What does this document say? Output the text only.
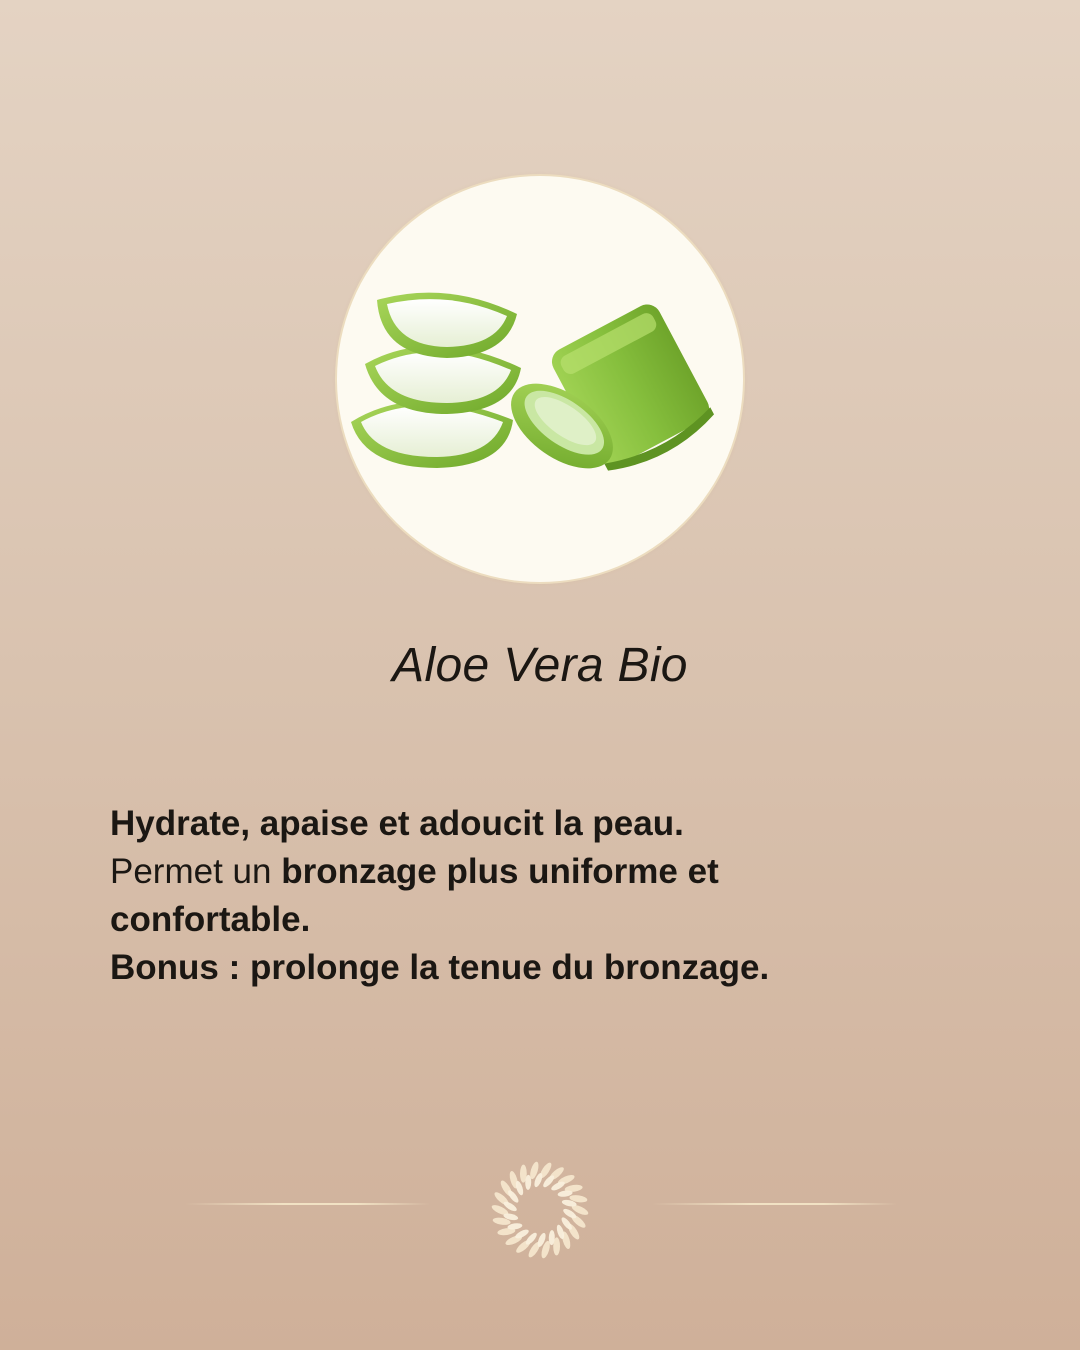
Aloe Vera Bio
Hydrate, apaise et adoucit la peau.
Permet un bronzage plus uniforme et
confortable.
Bonus : prolonge la tenue du bronzage.
